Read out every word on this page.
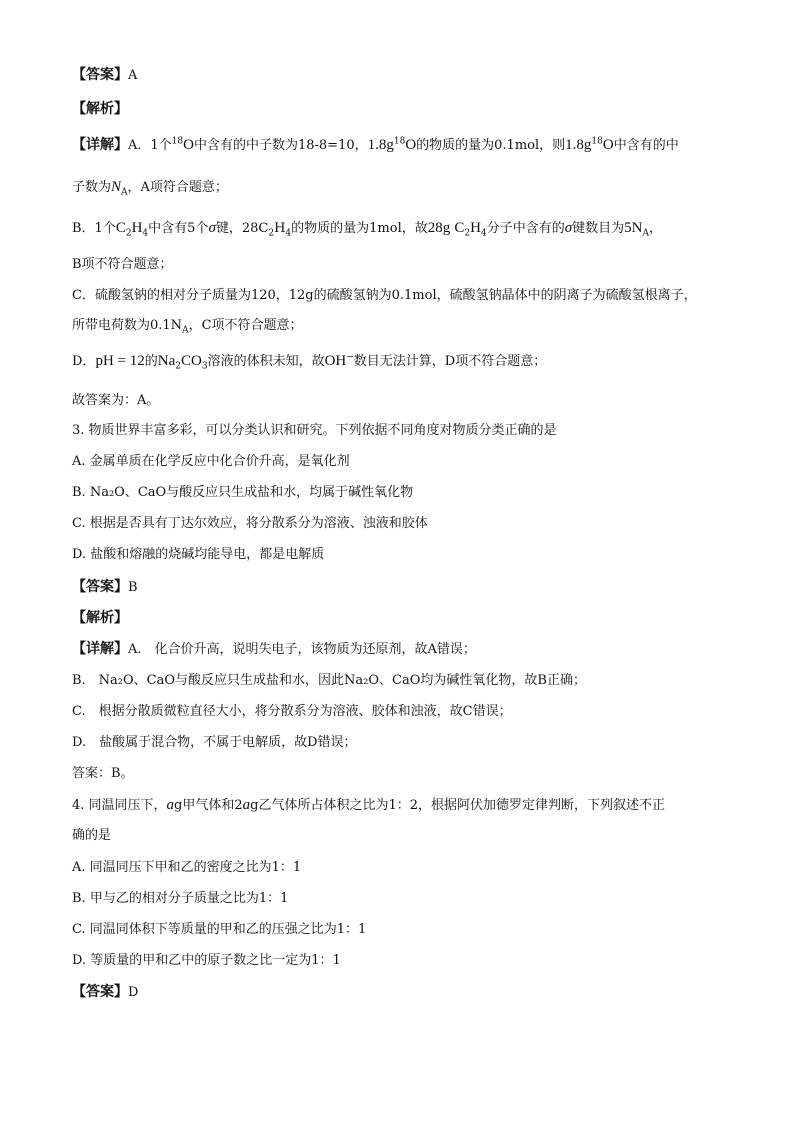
【答案】A
【解析】
【详解】A．1个$^{18}$O中含有的中子数为18-8=10，$1.8g^{18}O$的物质的量为0.1mol，则$1.8g^{18}O$中含有的中
子数为$N_A$，A项符合题意；
B．1个$C_2H_4$中含有5个σ键，$28C_2H_4$的物质的量为1mol，故28g $C_2H_4$分子中含有的σ键数目为$5N_A$，
B项不符合题意；
C．硫酸氢钠的相对分子质量为120，12g的硫酸氢钠为0.1mol，硫酸氢钠晶体中的阴离子为硫酸氢根离子，
所带电荷数为$0.1N_A$，C项不符合题意；
D．pH = 12的$Na_2CO_3$溶液的体积未知，故OH−数目无法计算，D项不符合题意；
故答案为：A。
3. 物质世界丰富多彩，可以分类认识和研究。下列依据不同角度对物质分类正确的是
A. 金属单质在化学反应中化合价升高，是氧化剂
B. Na₂O、CaO与酸反应只生成盐和水，均属于碱性氧化物
C. 根据是否具有丁达尔效应，将分散系分为溶液、浊液和胶体
D. 盐酸和熔融的烧碱均能导电，都是电解质
【答案】B
【解析】
【详解】A.　化合价升高，说明失电子，该物质为还原剂，故A错误；
B.　Na₂O、CaO与酸反应只生成盐和水，因此Na₂O、CaO均为碱性氧化物，故B正确；
C.　根据分散质微粒直径大小，将分散系分为溶液、胶体和浊液，故C错误；
D.　盐酸属于混合物，不属于电解质，故D错误；
答案：B。
4. 同温同压下，ag甲气体和2ag乙气体所占体积之比为1：2，根据阿伏加德罗定律判断，下列叙述不正
确的是
A. 同温同压下甲和乙的密度之比为1：1
B. 甲与乙的相对分子质量之比为1：1
C. 同温同体积下等质量的甲和乙的压强之比为1：1
D. 等质量的甲和乙中的原子数之比一定为1：1
【答案】D
